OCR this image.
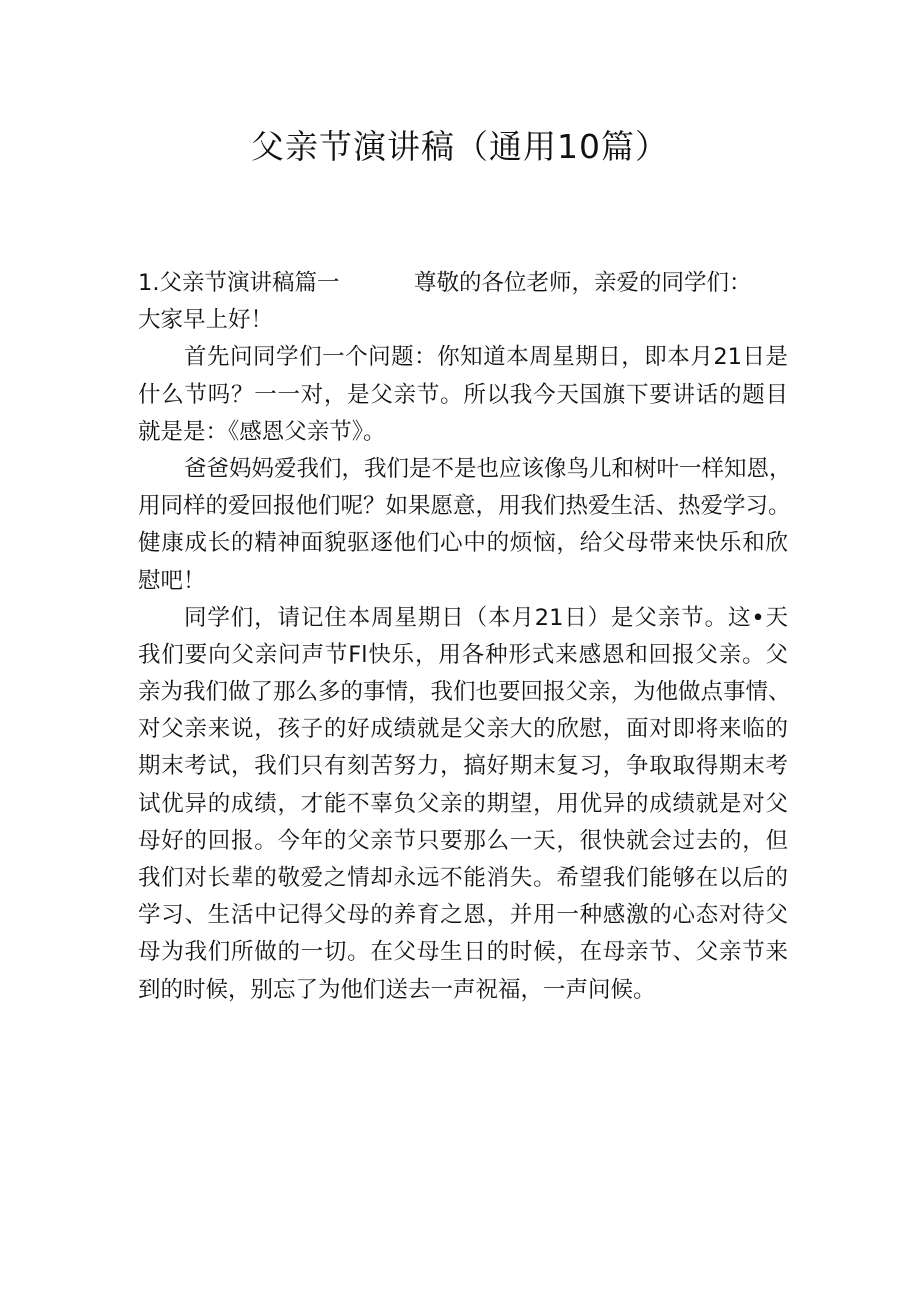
父亲节演讲稿（通用10篇）
1.父亲节演讲稿篇一	尊敬的各位老师，亲爱的同学们：
大家早上好！
首先问同学们一个问题：你知道本周星期日，即本月21日是
什么节吗？一一对，是父亲节。所以我今天国旗下要讲话的题目
就是是：《感恩父亲节》。
爸爸妈妈爱我们，我们是不是也应该像鸟儿和树叶一样知恩，
用同样的爱回报他们呢？如果愿意，用我们热爱生活、热爱学习。
健康成长的精神面貌驱逐他们心中的烦恼，给父母带来快乐和欣
慰吧！
同学们，请记住本周星期日（本月21日）是父亲节。这•天
我们要向父亲问声节Fl快乐，用各种形式来感恩和回报父亲。父
亲为我们做了那么多的事情，我们也要回报父亲，为他做点事情、
对父亲来说，孩子的好成绩就是父亲大的欣慰，面对即将来临的
期末考试，我们只有刻苦努力，搞好期末复习，争取取得期末考
试优异的成绩，才能不辜负父亲的期望，用优异的成绩就是对父
母好的回报。今年的父亲节只要那么一天，很快就会过去的，但
我们对长辈的敬爱之情却永远不能消失。希望我们能够在以后的
学习、生活中记得父母的养育之恩，并用一种感激的心态对待父
母为我们所做的一切。在父母生日的时候，在母亲节、父亲节来
到的时候，别忘了为他们送去一声祝福，一声问候。
